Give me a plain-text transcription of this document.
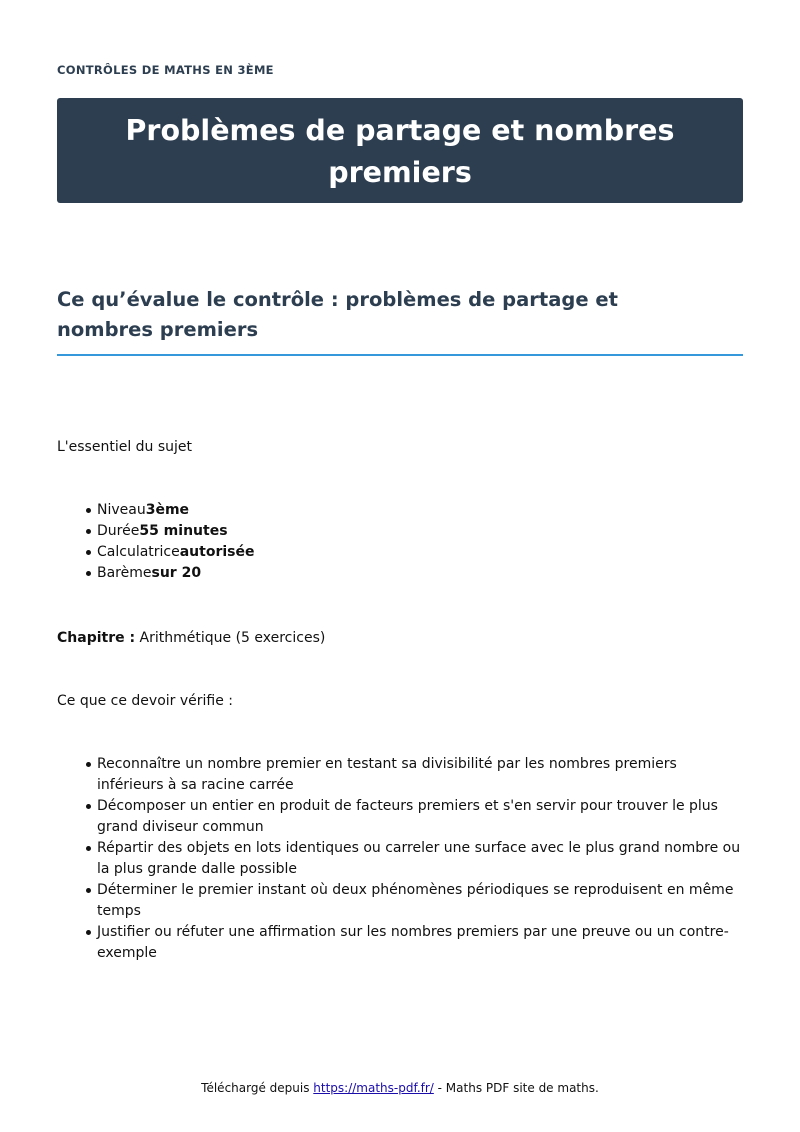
CONTRÔLES DE MATHS EN 3ÈME
Problèmes de partage et nombres premiers
Ce qu’évalue le contrôle : problèmes de partage et nombres premiers

L'essentiel du sujet

Niveau3ème
Durée55 minutes
Calculatriceautorisée
Barèmesur 20

Chapitre : Arithmétique (5 exercices)

Ce que ce devoir vérifie :

Reconnaître un nombre premier en testant sa divisibilité par les nombres premiers inférieurs à sa racine carrée
Décomposer un entier en produit de facteurs premiers et s'en servir pour trouver le plus grand diviseur commun
Répartir des objets en lots identiques ou carreler une surface avec le plus grand nombre ou la plus grande dalle possible
Déterminer le premier instant où deux phénomènes périodiques se reproduisent en même temps
Justifier ou réfuter une affirmation sur les nombres premiers par une preuve ou un contre-exemple
Téléchargé depuis https://maths-pdf.fr/ - Maths PDF site de maths.
